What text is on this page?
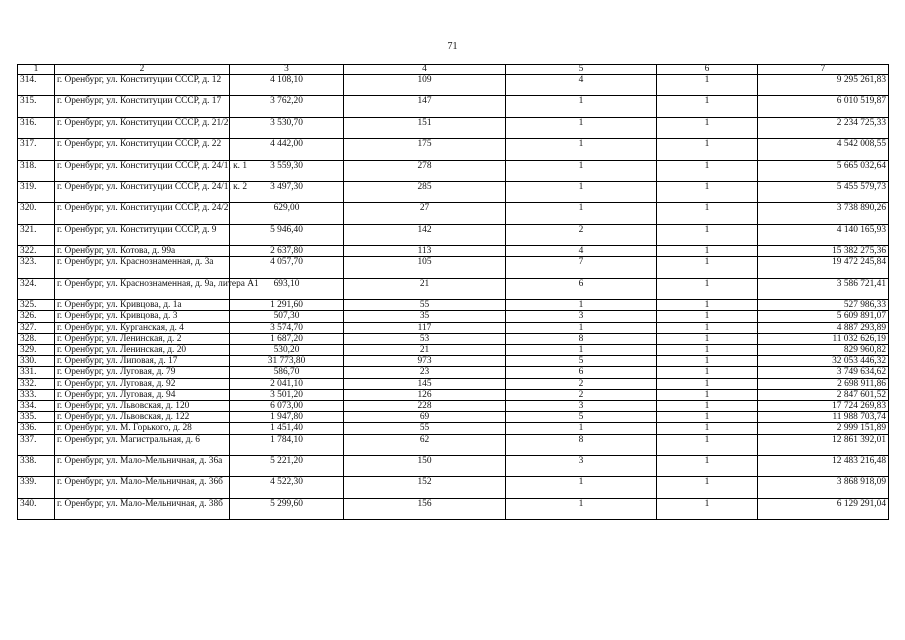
71
1	2	3	4	5	6	7
314.	г. Оренбург, ул. Конституции СССР, д. 12	4 108,10	109	4	1	9 295 261,83
315.	г. Оренбург, ул. Конституции СССР, д. 17	3 762,20	147	1	1	6 010 519,87
316.	г. Оренбург, ул. Конституции СССР, д. 21/2	3 530,70	151	1	1	2 234 725,33
317.	г. Оренбург, ул. Конституции СССР, д. 22	4 442,00	175	1	1	4 542 008,55
318.	г. Оренбург, ул. Конституции СССР, д. 24/1, к. 1	3 559,30	278	1	1	5 665 032,64
319.	г. Оренбург, ул. Конституции СССР, д. 24/1, к. 2	3 497,30	285	1	1	5 455 579,73
320.	г. Оренбург, ул. Конституции СССР, д. 24/2	629,00	27	1	1	3 738 890,26
321.	г. Оренбург, ул. Конституции СССР, д. 9	5 946,40	142	2	1	4 140 165,93
322.	г. Оренбург, ул. Котова, д. 99а	2 637,80	113	4	1	15 382 275,36
323.	г. Оренбург, ул. Краснознаменная, д. 3а	4 057,70	105	7	1	19 472 245,84
324.	г. Оренбург, ул. Краснознаменная, д. 9а, литера А1	693,10	21	6	1	3 586 721,41
325.	г. Оренбург, ул. Кривцова, д. 1а	1 291,60	55	1	1	527 986,33
326.	г. Оренбург, ул. Кривцова, д. 3	507,30	35	3	1	5 609 891,07
327.	г. Оренбург, ул. Курганская, д. 4	3 574,70	117	1	1	4 887 293,89
328.	г. Оренбург, ул. Ленинская, д. 2	1 687,20	53	8	1	11 032 626,19
329.	г. Оренбург, ул. Ленинская, д. 20	530,20	21	1	1	829 960,82
330.	г. Оренбург, ул. Липовая, д. 17	31 773,80	973	5	1	32 053 446,32
331.	г. Оренбург, ул. Луговая, д. 79	586,70	23	6	1	3 749 634,62
332.	г. Оренбург, ул. Луговая, д. 92	2 041,10	145	2	1	2 698 911,86
333.	г. Оренбург, ул. Луговая, д. 94	3 501,20	126	2	1	2 847 601,52
334.	г. Оренбург, ул. Львовская, д. 120	6 073,00	228	3	1	17 724 269,83
335.	г. Оренбург, ул. Львовская, д. 122	1 947,80	69	5	1	11 988 703,74
336.	г. Оренбург, ул. М. Горького, д. 28	1 451,40	55	1	1	2 999 151,89
337.	г. Оренбург, ул. Магистральная, д. 6	1 784,10	62	8	1	12 861 392,01
338.	г. Оренбург, ул. Мало-Мельничная, д. 36а	5 221,20	150	3	1	12 483 216,48
339.	г. Оренбург, ул. Мало-Мельничная, д. 36б	4 522,30	152	1	1	3 868 918,09
340.	г. Оренбург, ул. Мало-Мельничная, д. 38б	5 299,60	156	1	1	6 129 291,04
